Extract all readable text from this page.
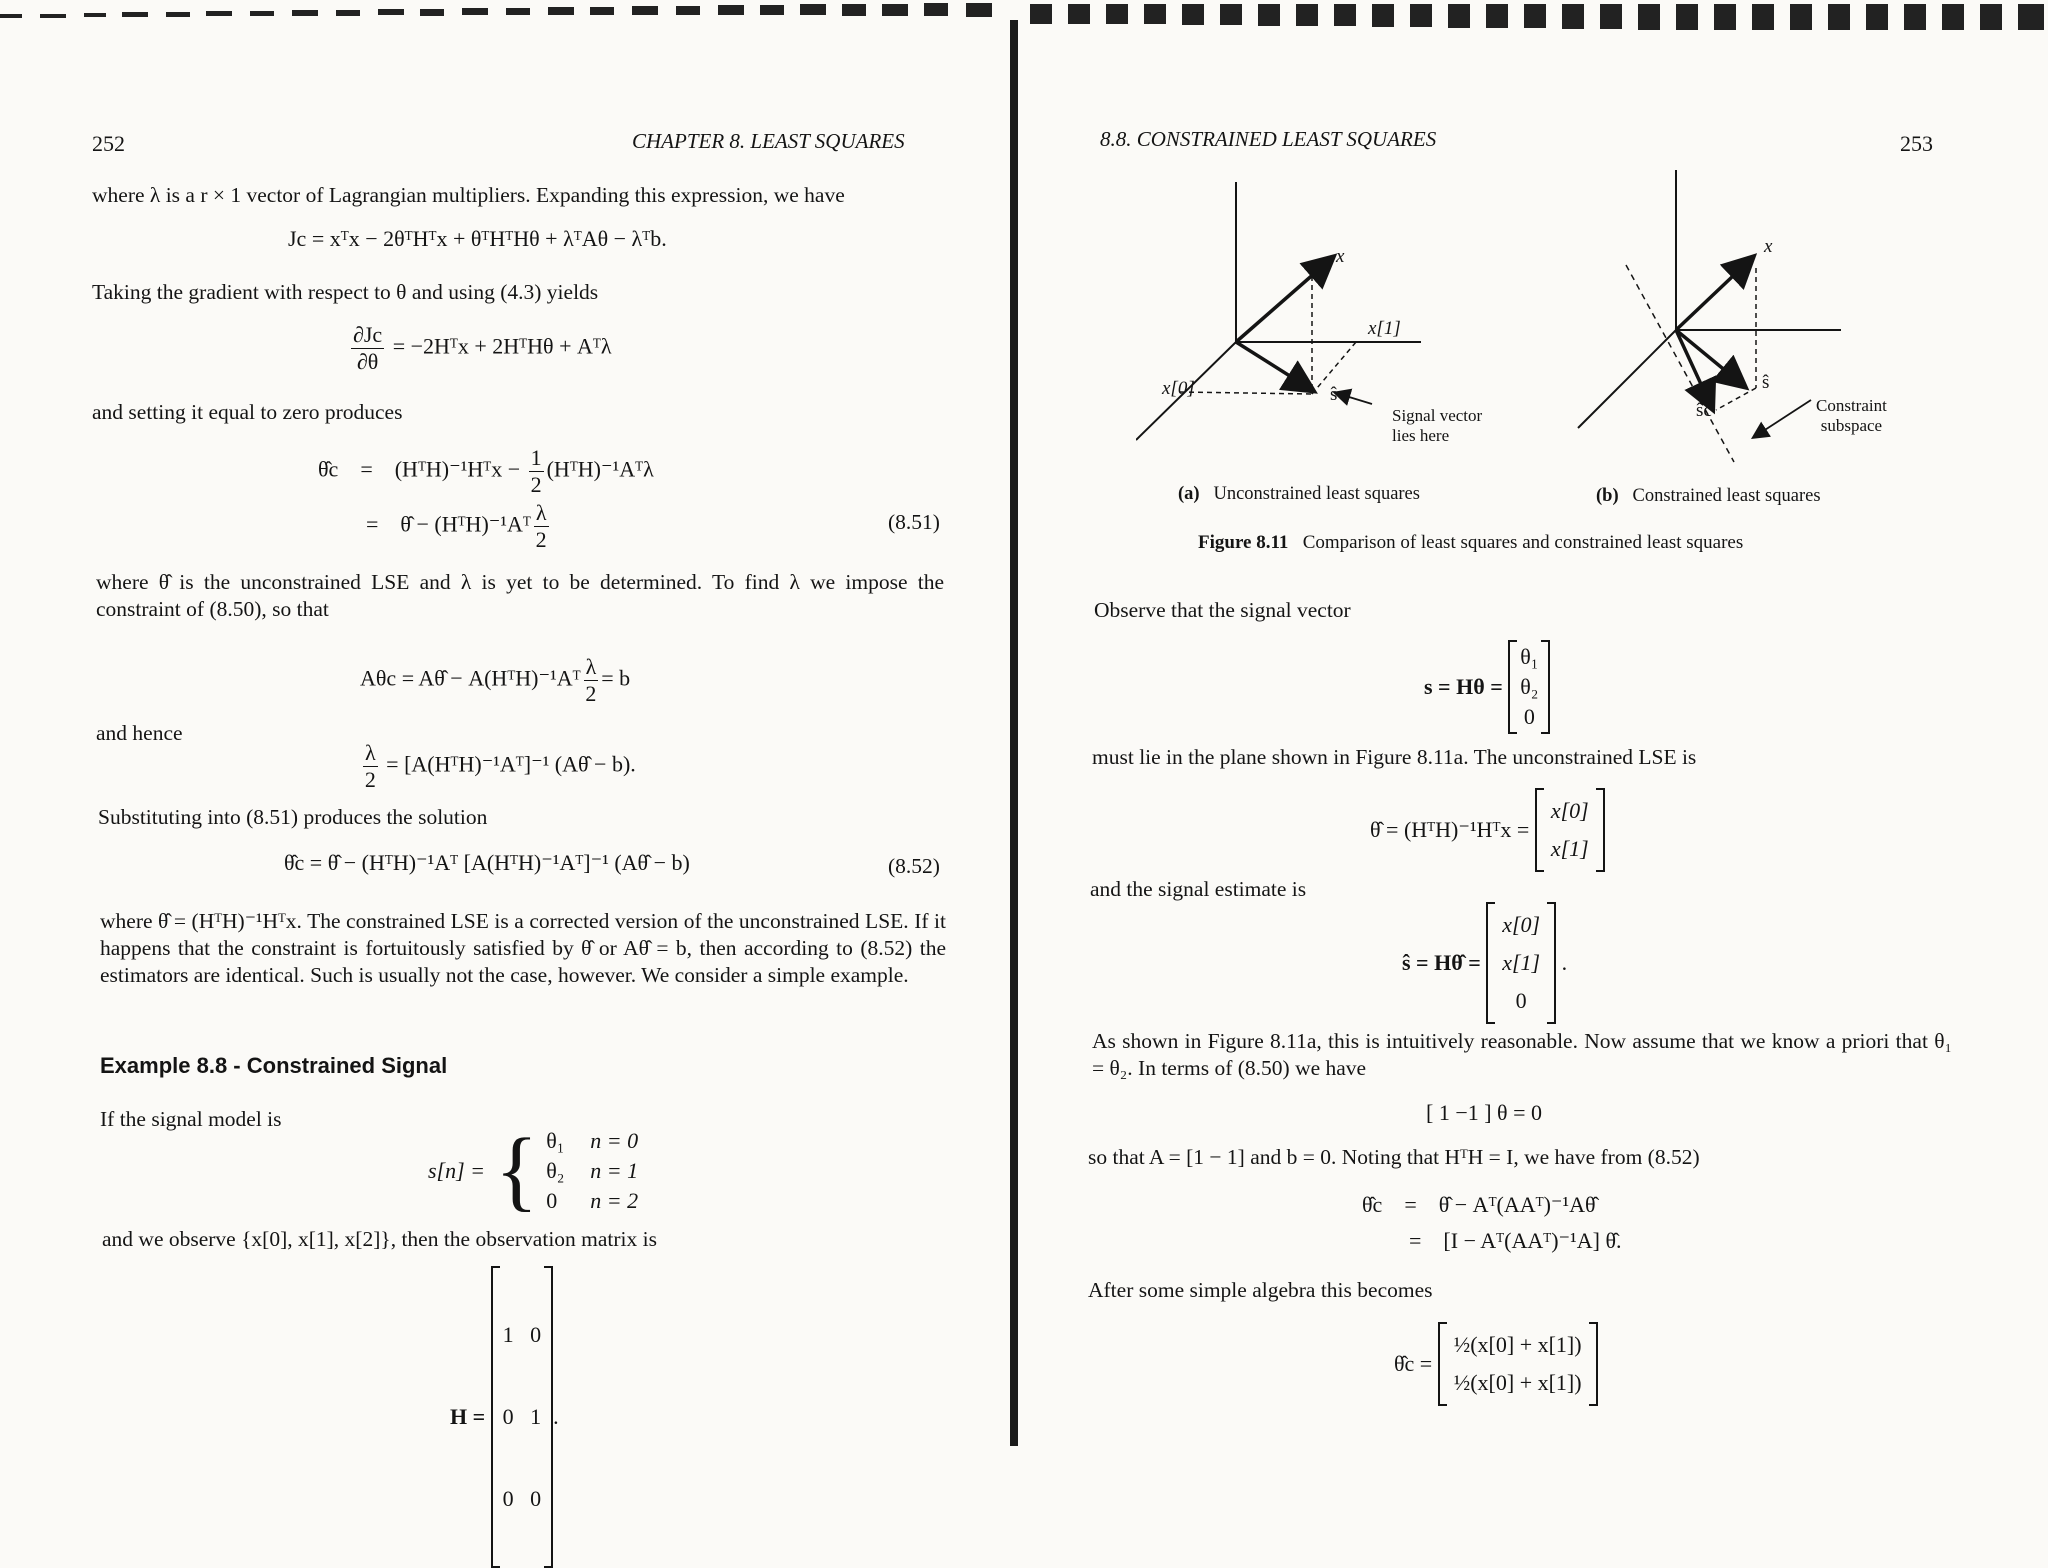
252	CHAPTER 8. LEAST SQUARES
where λ is a r × 1 vector of Lagrangian multipliers. Expanding this expression, we have
Jc = xᵀx − 2θᵀHᵀx + θᵀHᵀHθ + λᵀAθ − λᵀb.
Taking the gradient with respect to θ and using (4.3) yields
$\frac{\partial Jc}{\partial\theta}$ = −2Hᵀx + 2HᵀHθ + Aᵀλ
and setting it equal to zero produces
θ̂c = (HᵀH)⁻¹Hᵀx − $\frac{1}{2}$ (HᵀH)⁻¹Aᵀλ
= θ̂ − (HᵀH)⁻¹Aᵀ $\frac{\lambda}{2}$	(8.51)
where θ̂ is the unconstrained LSE and λ is yet to be determined. To find λ we impose the constraint of (8.50), so that
Aθc = Aθ̂ − A(HᵀH)⁻¹Aᵀ $\frac{\lambda}{2} = b$
and hence
$\frac{\lambda}{2}$ = [A(HᵀH)⁻¹Aᵀ]⁻¹ (Aθ̂ − b).
Substituting into (8.51) produces the solution
θ̂c = θ̂ − (HᵀH)⁻¹Aᵀ [A(HᵀH)⁻¹Aᵀ]⁻¹ (Aθ̂ − b)	(8.52)
where θ̂ = (HᵀH)⁻¹Hᵀx. The constrained LSE is a corrected version of the unconstrained LSE. If it happens that the constraint is fortuitously satisfied by θ̂ or Aθ̂ = b, then according to (8.52) the estimators are identical. Such is usually not the case, however. We consider a simple example.
Example 8.8 - Constrained Signal
If the signal model is
s[n] = { θ₁ n = 0
θ₂ n = 1
0 n = 2
and we observe {x[0], x[1], x[2]}, then the observation matrix is
H =

1   0

0   1

0   0

.
8.8. CONSTRAINED LEAST SQUARES	253
x
x[1]
x[0]	ŝ
Signal vector
lies here
(a) Unconstrained least squares
x
ŝ
ŝc	Constraint
subspace
(b) Constrained least squares
Figure 8.11 Comparison of least squares and constrained least squares
Observe that the signal vector
s = Hθ =

θ₁
θ₂
0
must lie in the plane shown in Figure 8.11a. The unconstrained LSE is
θ̂ = (HᵀH)⁻¹Hᵀx =

x[0]
x[1]
and the signal estimate is
ŝ = Hθ̂ =

x[0]
x[1]
0

.
As shown in Figure 8.11a, this is intuitively reasonable. Now assume that we know a priori that θ₁ = θ₂. In terms of (8.50) we have
[ 1 −1 ] θ = 0
so that A = [1 − 1] and b = 0. Noting that HᵀH = I, we have from (8.52)
θ̂c = θ̂ − Aᵀ(AAᵀ)⁻¹Aθ̂
= [I − Aᵀ(AAᵀ)⁻¹A] θ̂.
After some simple algebra this becomes
θ̂c =

½(x[0] + x[1])
½(x[0] + x[1])
